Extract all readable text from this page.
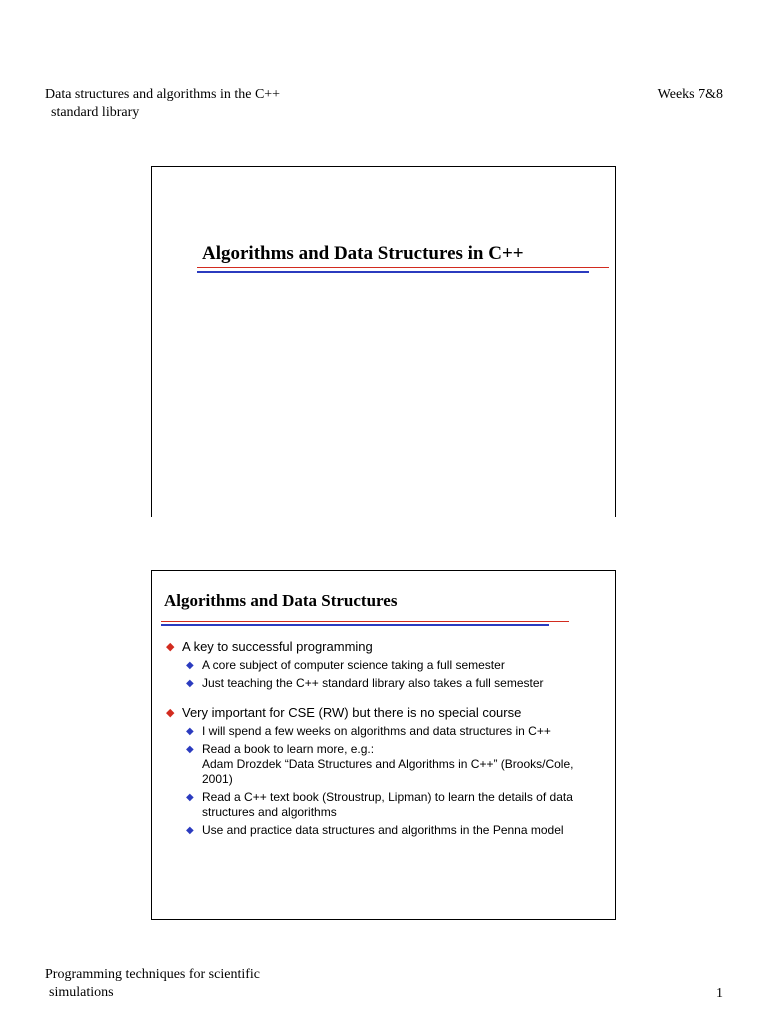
Data structures and algorithms in the C++
standard library
Weeks 7&8
Algorithms and Data Structures in C++
Algorithms and Data Structures
◆ A key to successful programming
◆ A core subject of computer science taking a full semester
◆ Just teaching the C++ standard library also takes a full semester
◆ Very important for CSE (RW) but there is no special course
◆ I will spend a few weeks on algorithms and data structures in C++
◆ Read a book to learn more, e.g.:
Adam Drozdek “Data Structures and Algorithms in C++” (Brooks/Cole,
2001)
◆ Read a C++ text book (Stroustrup, Lipman) to learn the details of data
structures and algorithms
◆ Use and practice data structures and algorithms in the Penna model
Programming techniques for scientific
simulations	1
